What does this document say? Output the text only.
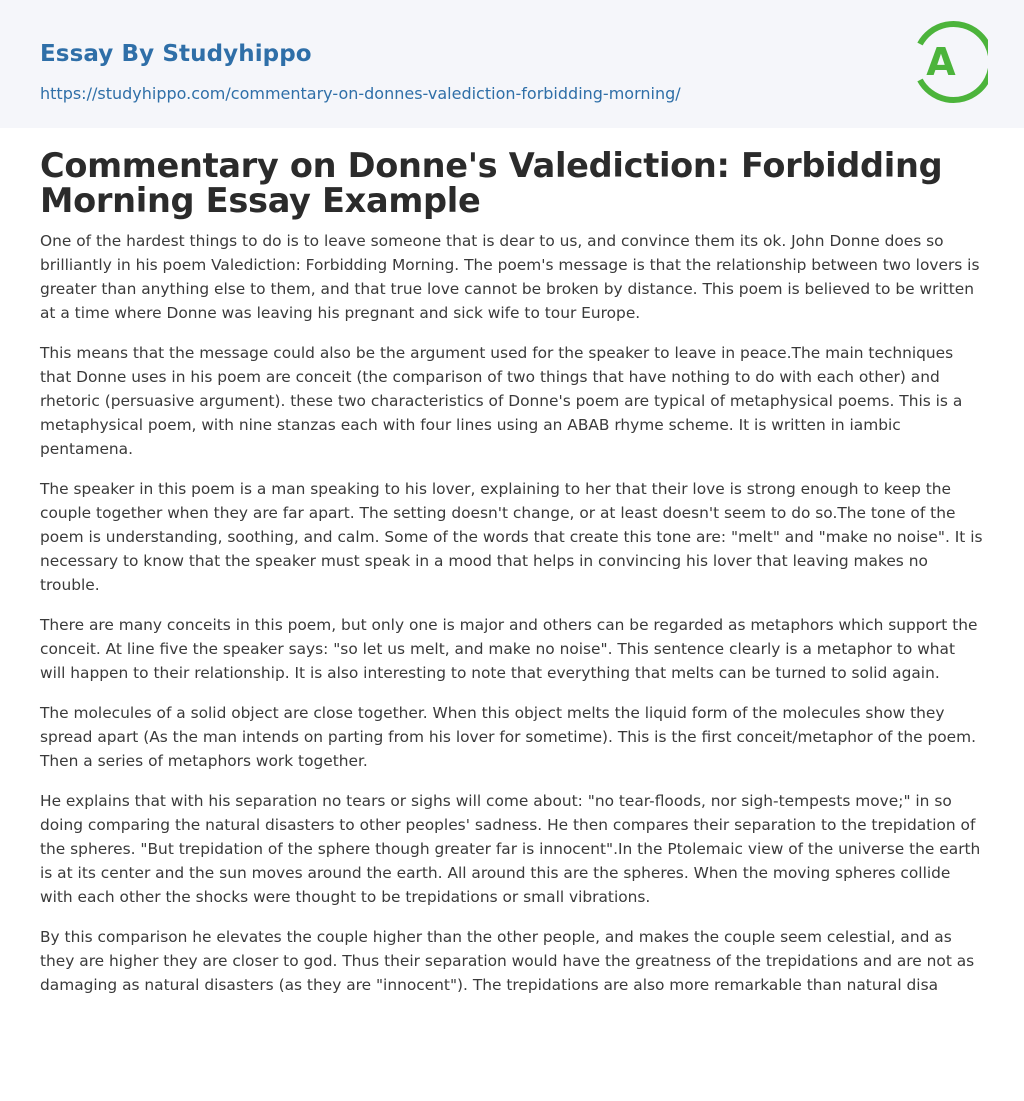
Essay By Studyhippo
https://studyhippo.com/commentary-on-donnes-valediction-forbidding-morning/
A
Commentary on Donne's Valediction: Forbidding Morning Essay Example

One of the hardest things to do is to leave someone that is dear to us, and convince them its ok. John Donne does so brilliantly in his poem Valediction: Forbidding Morning. The poem's message is that the relationship between two lovers is greater than anything else to them, and that true love cannot be broken by distance. This poem is believed to be written at a time where Donne was leaving his pregnant and sick wife to tour Europe.

This means that the message could also be the argument used for the speaker to leave in peace.The main techniques that Donne uses in his poem are conceit (the comparison of two things that have nothing to do with each other) and rhetoric (persuasive argument). these two characteristics of Donne's poem are typical of metaphysical poems. This is a metaphysical poem, with nine stanzas each with four lines using an ABAB rhyme scheme. It is written in iambic pentamena.

The speaker in this poem is a man speaking to his lover, explaining to her that their love is strong enough to keep the couple together when they are far apart. The setting doesn't change, or at least doesn't seem to do so.The tone of the poem is understanding, soothing, and calm. Some of the words that create this tone are: "melt" and "make no noise". It is necessary to know that the speaker must speak in a mood that helps in convincing his lover that leaving makes no trouble.

There are many conceits in this poem, but only one is major and others can be regarded as metaphors which support the conceit. At line five the speaker says: "so let us melt, and make no noise". This sentence clearly is a metaphor to what will happen to their relationship. It is also interesting to note that everything that melts can be turned to solid again.

The molecules of a solid object are close together. When this object melts the liquid form of the molecules show they spread apart (As the man intends on parting from his lover for sometime). This is the first conceit/metaphor of the poem. Then a series of metaphors work together.

He explains that with his separation no tears or sighs will come about: "no tear-floods, nor sigh-tempests move;" in so doing comparing the natural disasters to other peoples' sadness. He then compares their separation to the trepidation of the spheres. "But trepidation of the sphere though greater far is innocent".In the Ptolemaic view of the universe the earth is at its center and the sun moves around the earth. All around this are the spheres. When the moving spheres collide with each other the shocks were thought to be trepidations or small vibrations.

By this comparison he elevates the couple higher than the other people, and makes the couple seem celestial, and as they are higher they are closer to god. Thus their separation would have the greatness of the trepidations and are not as damaging as natural disasters (as they are "innocent"). The trepidations are also more remarkable than natural disa
